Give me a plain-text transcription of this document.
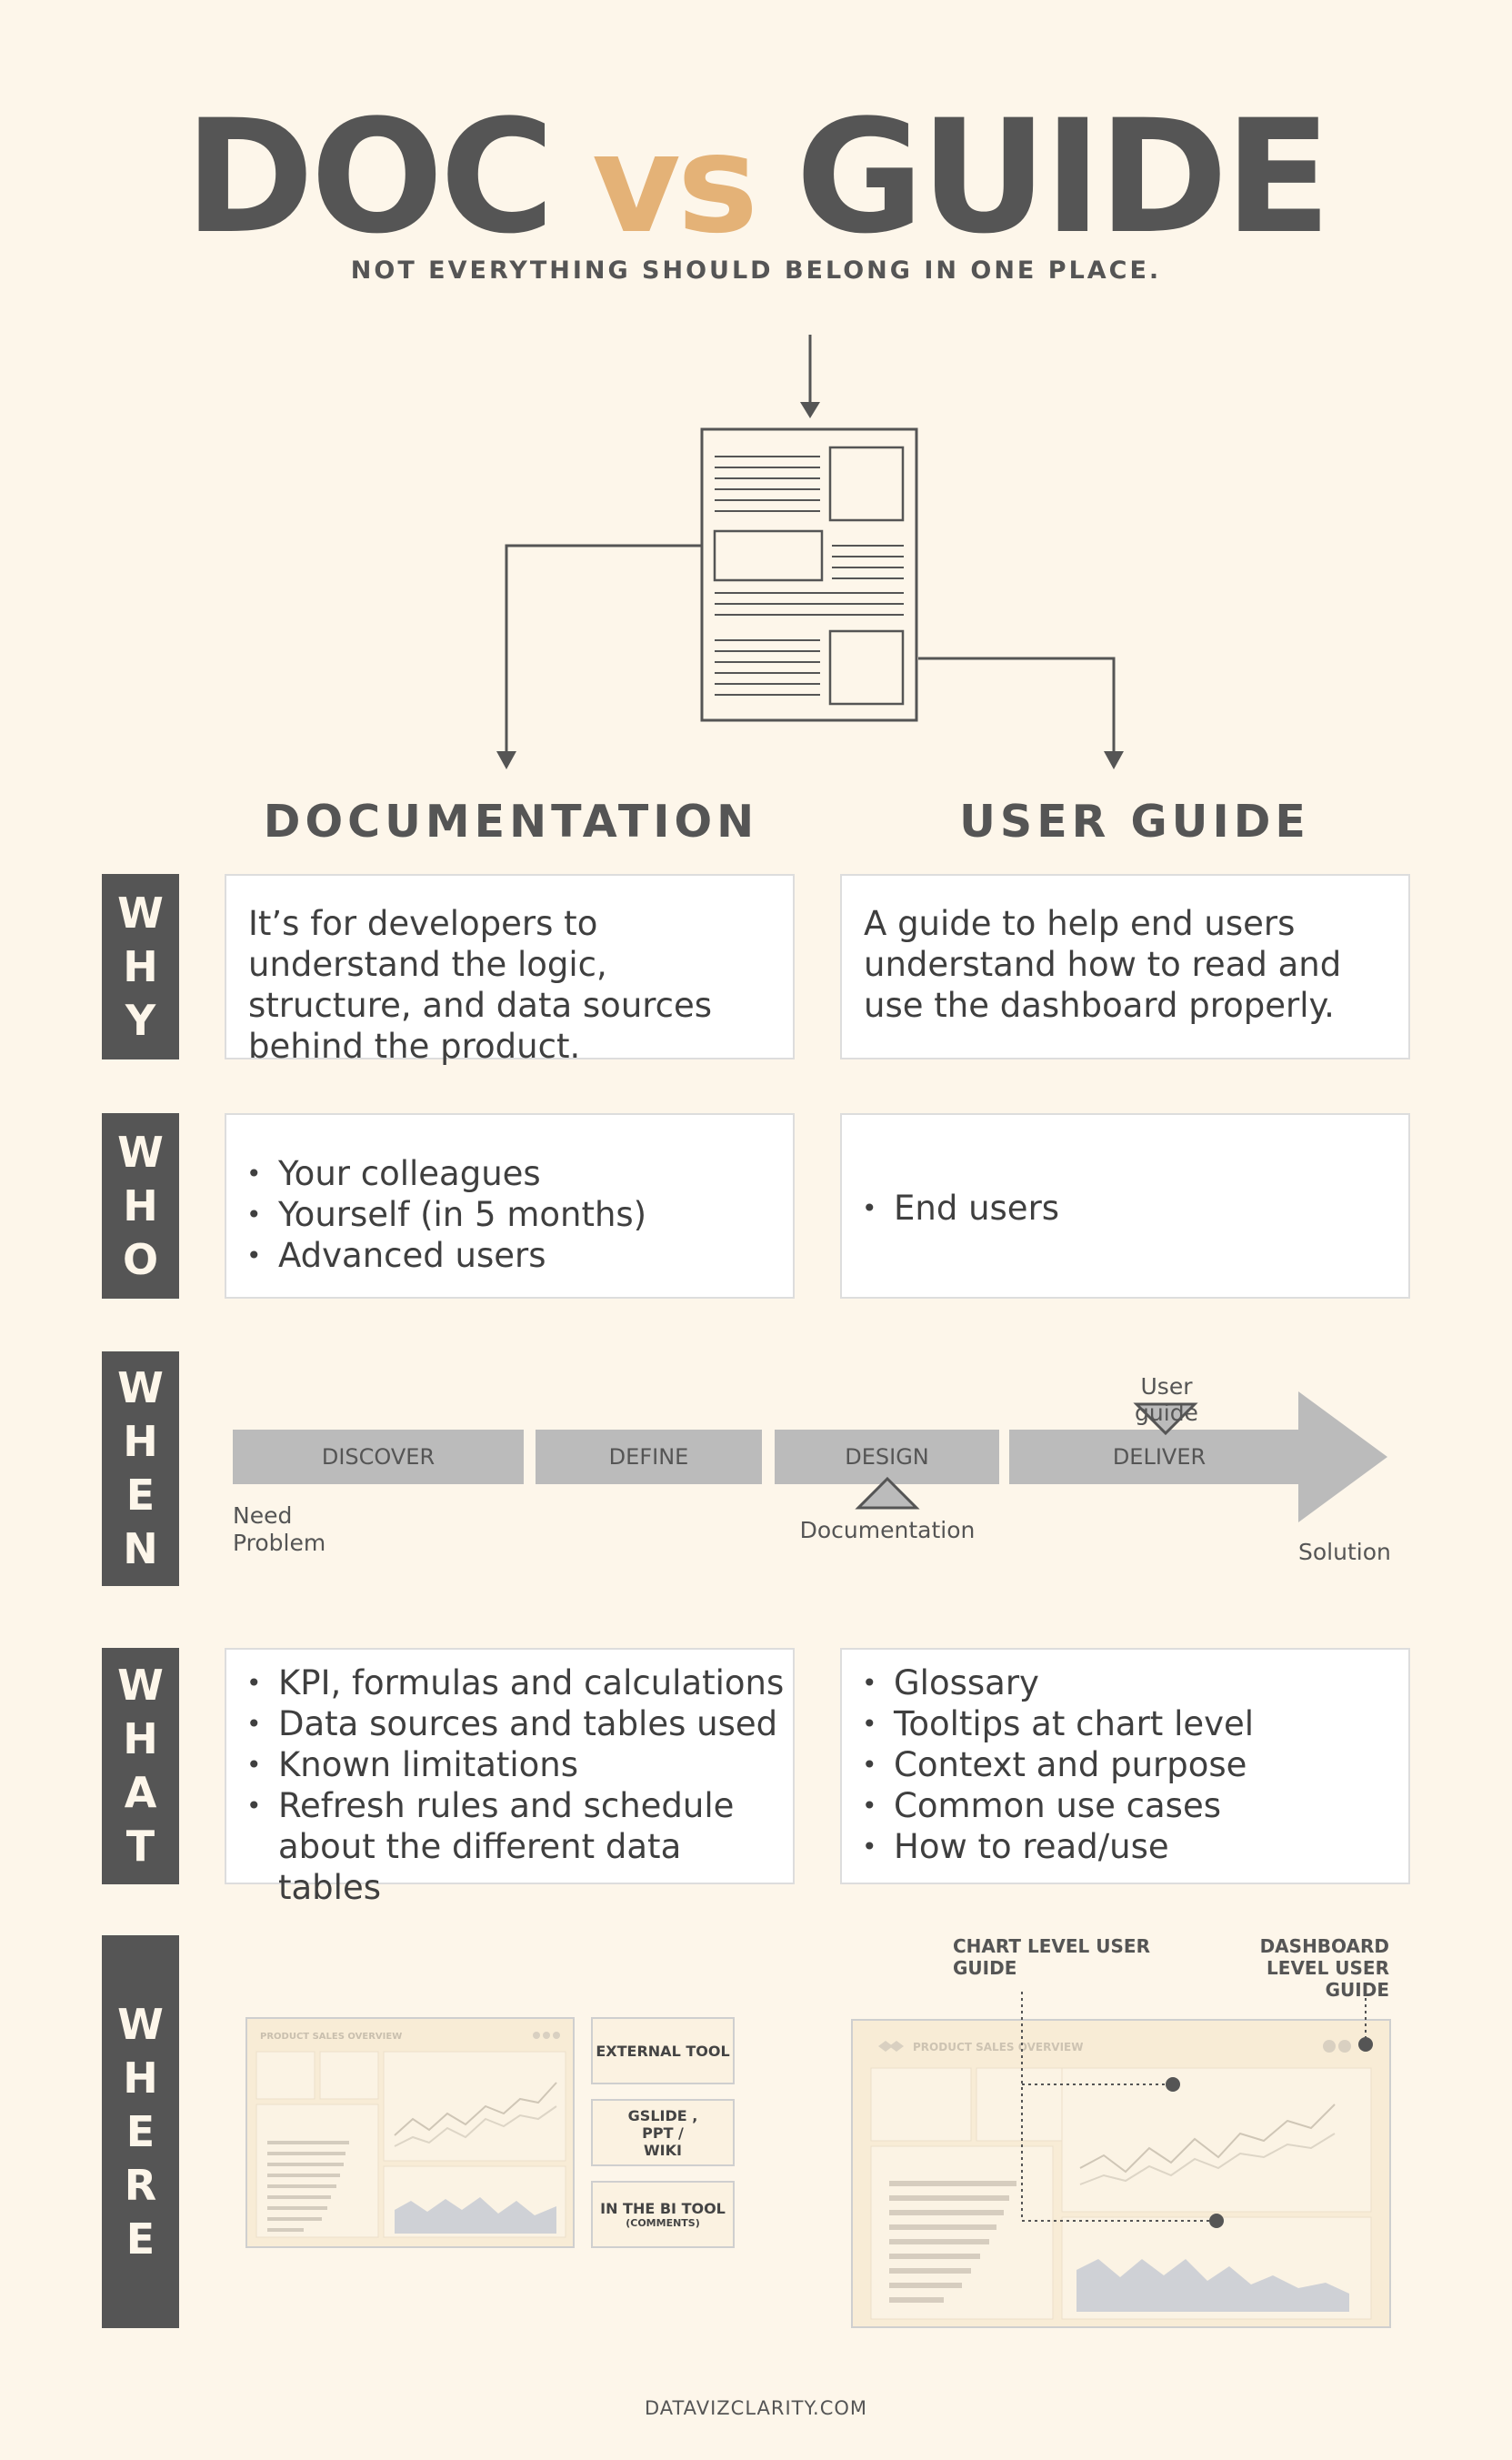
DOC vs GUIDE
NOT EVERYTHING SHOULD BELONG IN ONE PLACE.
DOCUMENTATION	USER GUIDE
W
H
Y
It’s for developers to understand the logic, structure, and data sources behind the product.
A guide to help end users understand how to read and use the dashboard properly.
W
H
O
• Your colleagues
• Yourself (in 5 months)
• Advanced users
• End users
W
H
E
N
DISCOVER	DEFINE	DESIGN	DELIVER
User guide
Documentation
Need Problem	Solution
W
H
A
T
• KPI, formulas and calculations
• Data sources and tables used
• Known limitations
• Refresh rules and schedule about the different data tables
• Glossary
• Tooltips at chart level
• Context and purpose
• Common use cases
• How to read/use
W
H
E
R
E
PRODUCT SALES OVERVIEW
EXTERNAL TOOL
GSLIDE , PPT / WIKI
IN THE BI TOOL
(COMMENTS)
CHART LEVEL USER GUIDE
DASHBOARD LEVEL USER GUIDE
PRODUCT SALES OVERVIEW
DATAVIZCLARITY.COM
